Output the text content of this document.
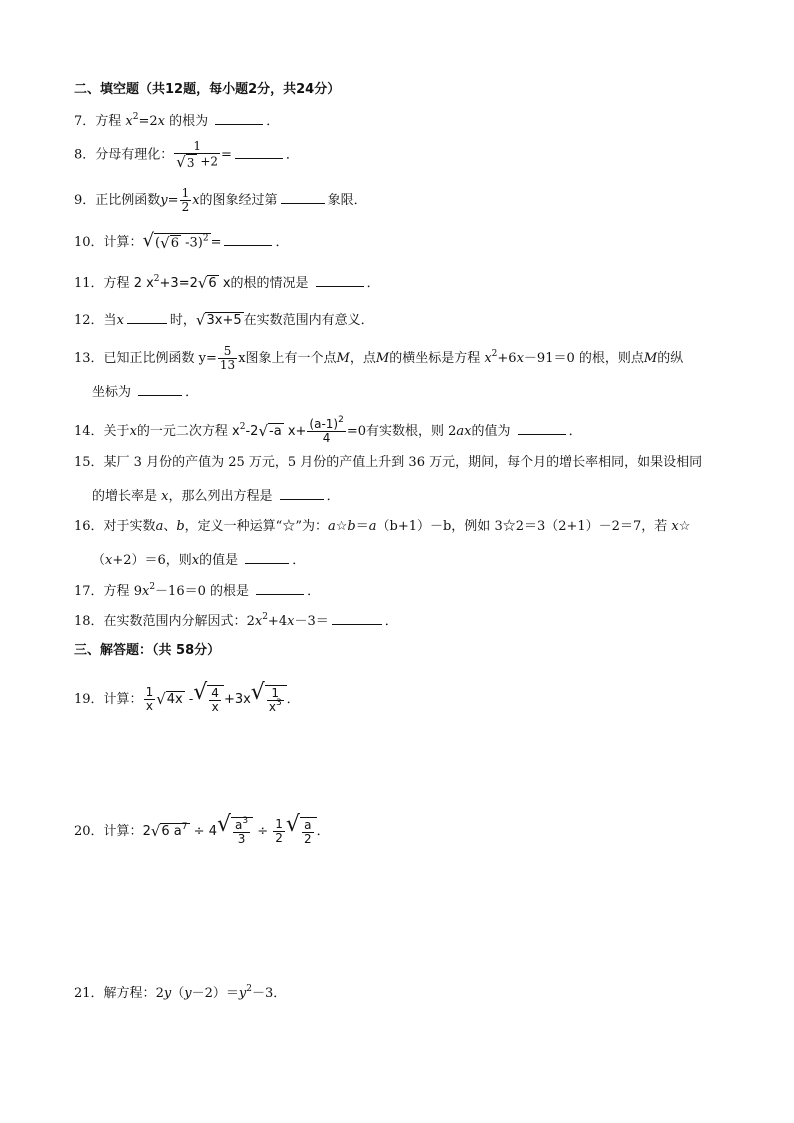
二、填空题（共12题，每小题2分，共24分）
7．方程 $x^2=2x$ 的根为	．
8．分母有理化： $\frac{1}{√3 +2}$ =	．
9．正比例函数$y= \frac{1}{2}$ x的图象经过第	象限．
10．计算：√(√6 -3)$^2$ =	．
11．方程 2 $x^2+3=2√6$ x的根的情况是	．
12．当x	时，√3x+5 在实数范围内有意义．
13．已知正比例函数 $y= \frac{5}{13}$ x图象上有一个点M，点M的横坐标是方程 $x^2+6x-91=0$ 的根，则点M的纵
坐标为	．
14．关于x的一元二次方程 $x^2-2√-a$ $x+ \frac{(a-1)^2}{4} =0$有实数根，则 2ax的值为	．
15．某厂 3 月份的产值为 25 万元，5 月份的产值上升到 36 万元，期间，每个月的增长率相同，如果设相同
的增长率是 x，那么列出方程是	．
16．对于实数a、b，定义一种运算“☆”为：a☆b＝a（b+1）－b，例如 3☆2＝3（2+1）－2＝7，若 x☆
（x+2）＝6，则x的值是	．
17．方程 $9x^2-16=0$ 的根是	．
18．在实数范围内分解因式：$2x^2+4x-3=$	．
三、解答题：（共 58分）
19．计算： $\frac{1}{x} √4x$ -√ $\frac{4}{x} +3x√ \frac{1}{x^3}$ ．
20．计算：2√6 $a^7 \div 4√ \frac{a^3}{3} \div \frac{1}{2}$ √ $\frac{a}{2}$ ．
21．解方程：$2y(y-2)=y^2-3$．
